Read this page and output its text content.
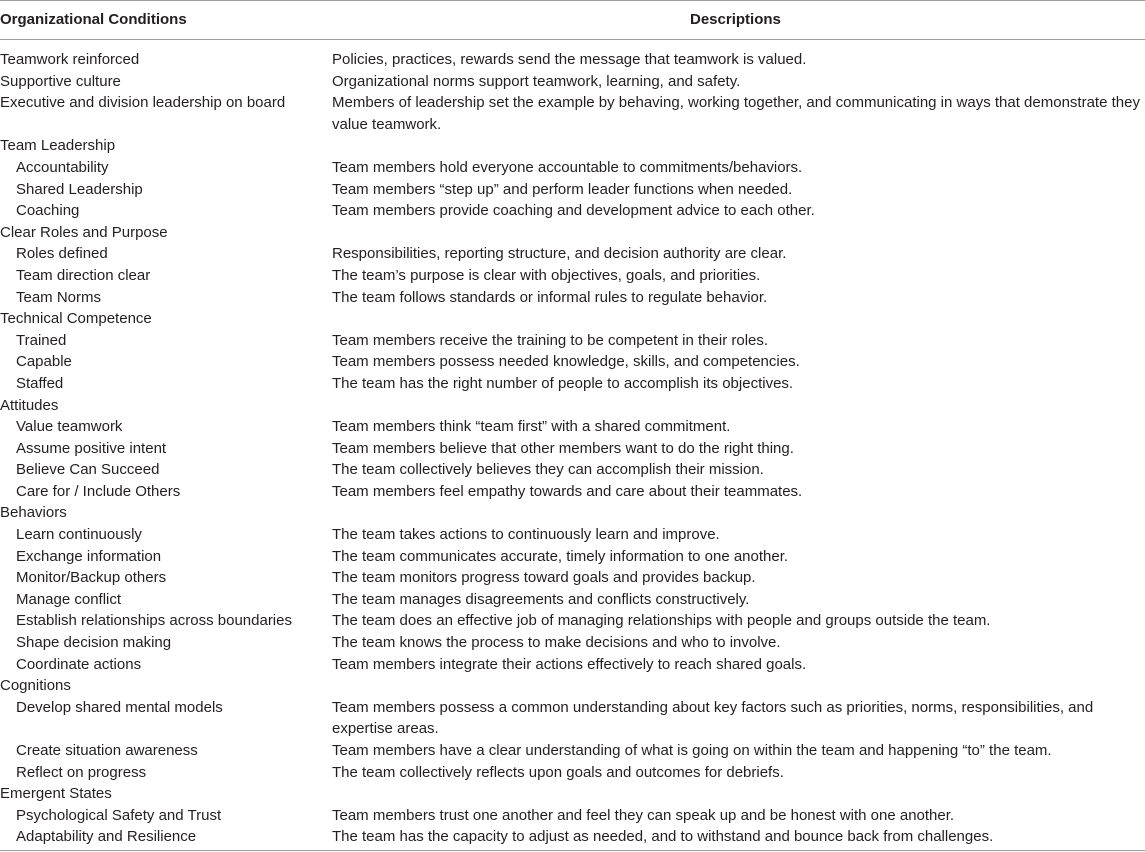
Organizational Conditions	Descriptions
Teamwork reinforced	Policies, practices, rewards send the message that teamwork is valued.
Supportive culture	Organizational norms support teamwork, learning, and safety.
Executive and division leadership on board	Members of leadership set the example by behaving, working together, and communicating in ways that demonstrate they
value teamwork.
Team Leadership
Accountability	Team members hold everyone accountable to commitments/behaviors.
Shared Leadership	Team members “step up” and perform leader functions when needed.
Coaching	Team members provide coaching and development advice to each other.
Clear Roles and Purpose
Roles defined	Responsibilities, reporting structure, and decision authority are clear.
Team direction clear	The team’s purpose is clear with objectives, goals, and priorities.
Team Norms	The team follows standards or informal rules to regulate behavior.
Technical Competence
Trained	Team members receive the training to be competent in their roles.
Capable	Team members possess needed knowledge, skills, and competencies.
Staffed	The team has the right number of people to accomplish its objectives.
Attitudes
Value teamwork	Team members think “team first” with a shared commitment.
Assume positive intent	Team members believe that other members want to do the right thing.
Believe Can Succeed	The team collectively believes they can accomplish their mission.
Care for / Include Others	Team members feel empathy towards and care about their teammates.
Behaviors
Learn continuously	The team takes actions to continuously learn and improve.
Exchange information	The team communicates accurate, timely information to one another.
Monitor/Backup others	The team monitors progress toward goals and provides backup.
Manage conflict	The team manages disagreements and conflicts constructively.
Establish relationships across boundaries	The team does an effective job of managing relationships with people and groups outside the team.
Shape decision making	The team knows the process to make decisions and who to involve.
Coordinate actions	Team members integrate their actions effectively to reach shared goals.
Cognitions
Develop shared mental models	Team members possess a common understanding about key factors such as priorities, norms, responsibilities, and
expertise areas.
Create situation awareness	Team members have a clear understanding of what is going on within the team and happening “to” the team.
Reflect on progress	The team collectively reflects upon goals and outcomes for debriefs.
Emergent States
Psychological Safety and Trust	Team members trust one another and feel they can speak up and be honest with one another.
Adaptability and Resilience	The team has the capacity to adjust as needed, and to withstand and bounce back from challenges.
